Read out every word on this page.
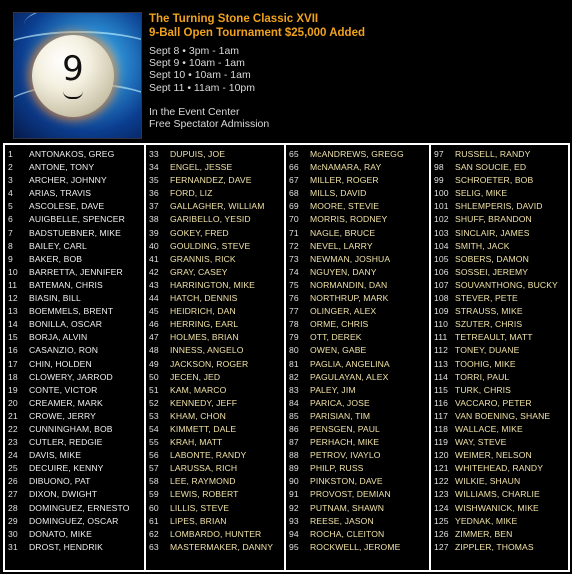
9
The Turning Stone Classic XVII
9-Ball Open Tournament $25,000 Added
Sept 8 • 3pm - 1am
Sept 9 • 10am - 1am
Sept 10 • 10am - 1am
Sept 11 • 11am - 10pm
In the Event Center
Free Spectator Admission
1 ANTONAKOS, GREG
2 ANTONE, TONY
3 ARCHER, JOHNNY
4 ARIAS, TRAVIS
5 ASCOLESE, DAVE
6 AUIGBELLE, SPENCER
7 BADSTUEBNER, MIKE
8 BAILEY, CARL
9 BAKER, BOB
10 BARRETTA, JENNIFER
11 BATEMAN, CHRIS
12 BIASIN, BILL
13 BOEMMELS, BRENT
14 BONILLA, OSCAR
15 BORJA, ALVIN
16 CASANZIO, RON
17 CHIN, HOLDEN
18 CLOWERY, JARROD
19 CONTE, VICTOR
20 CREAMER, MARK
21 CROWE, JERRY
22 CUNNINGHAM, BOB
23 CUTLER, REDGIE
24 DAVIS, MIKE
25 DECUIRE, KENNY
26 DIBUONO, PAT
27 DIXON, DWIGHT
28 DOMINGUEZ, ERNESTO
29 DOMINGUEZ, OSCAR
30 DONATO, MIKE
31 DROST, HENDRIK
33 DUPUIS, JOE
34 ENGEL, JESSE
35 FERNANDEZ, DAVE
36 FORD, LIZ
37 GALLAGHER, WILLIAM
38 GARIBELLO, YESID
39 GOKEY, FRED
40 GOULDING, STEVE
41 GRANNIS, RICK
42 GRAY, CASEY
43 HARRINGTON, MIKE
44 HATCH, DENNIS
45 HEIDRICH, DAN
46 HERRING, EARL
47 HOLMES, BRIAN
48 INNESS, ANGELO
49 JACKSON, ROGER
50 JECEN, JED
51 KAM, MARCO
52 KENNEDY, JEFF
53 KHAM, CHON
54 KIMMETT, DALE
55 KRAH, MATT
56 LABONTE, RANDY
57 LARUSSA, RICH
58 LEE, RAYMOND
59 LEWIS, ROBERT
60 LILLIS, STEVE
61 LIPES, BRIAN
62 LOMBARDO, HUNTER
63 MASTERMAKER, DANNY
65 McANDREWS, GREGG
66 McNAMARA, RAY
67 MILLER, ROGER
68 MILLS, DAVID
69 MOORE, STEVIE
70 MORRIS, RODNEY
71 NAGLE, BRUCE
72 NEVEL, LARRY
73 NEWMAN, JOSHUA
74 NGUYEN, DANY
75 NORMANDIN, DAN
76 NORTHRUP, MARK
77 OLINGER, ALEX
78 ORME, CHRIS
79 OTT, DEREK
80 OWEN, GABE
81 PAGLIA, ANGELINA
82 PAGULAYAN, ALEX
83 PALEY, JIM
84 PARICA, JOSE
85 PARISIAN, TIM
86 PENSGEN, PAUL
87 PERHACH, MIKE
88 PETROV, IVAYLO
89 PHILP, RUSS
90 PINKSTON, DAVE
91 PROVOST, DEMIAN
92 PUTNAM, SHAWN
93 REESE, JASON
94 ROCHA, CLEITON
95 ROCKWELL, JEROME
97 RUSSELL, RANDY
98 SAN SOUCIE, ED
99 SCHROETER, BOB
100 SELIG, MIKE
101 SHLEMPERIS, DAVID
102 SHUFF, BRANDON
103 SINCLAIR, JAMES
104 SMITH, JACK
105 SOBERS, DAMON
106 SOSSEI, JEREMY
107 SOUVANTHONG, BUCKY
108 STEVER, PETE
109 STRAUSS, MIKE
110 SZUTER, CHRIS
111 TETREAULT, MATT
112 TONEY, DUANE
113 TOOHIG, MIKE
114 TORRI, PAUL
115 TURK, CHRIS
116 VACCARO, PETER
117 VAN BOENING, SHANE
118 WALLACE, MIKE
119 WAY, STEVE
120 WEIMER, NELSON
121 WHITEHEAD, RANDY
122 WILKIE, SHAUN
123 WILLIAMS, CHARLIE
124 WISHWANICK, MIKE
125 YEDNAK, MIKE
126 ZIMMER, BEN
127 ZIPPLER, THOMAS
